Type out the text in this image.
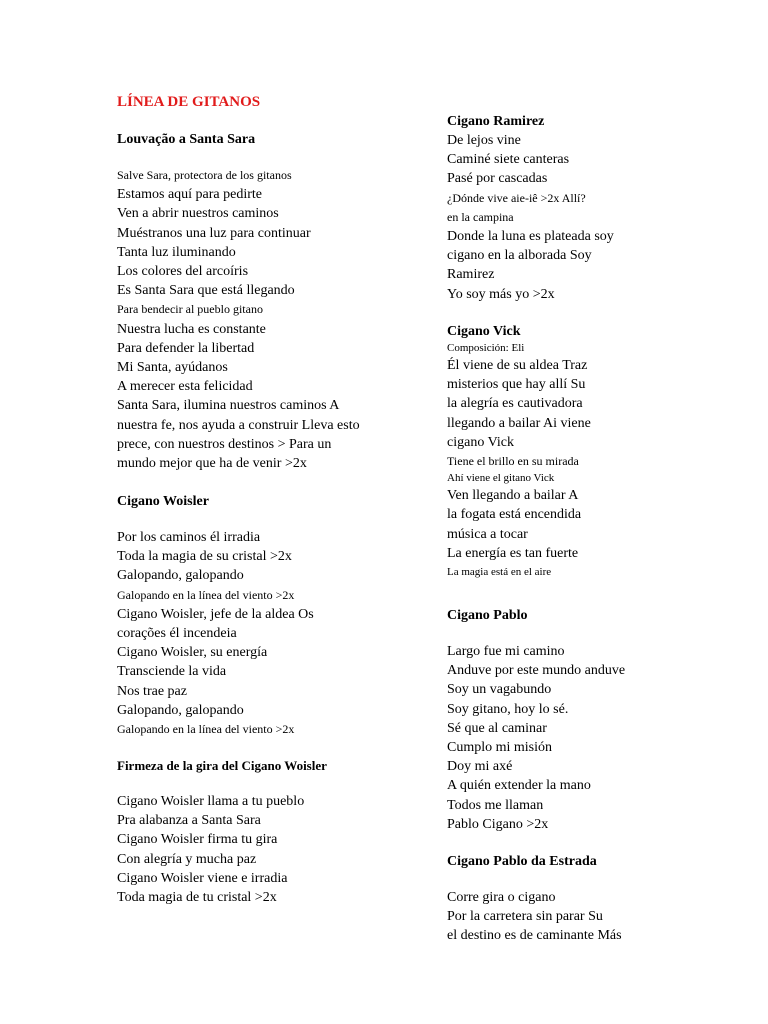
LÍNEA DE GITANOS
Louvação a Santa Sara
Salve Sara, protectora de los gitanos
Estamos aquí para pedirte
Ven a abrir nuestros caminos
Muéstranos una luz para continuar
Tanta luz iluminando
Los colores del arcoíris
Es Santa Sara que está llegando
Para bendecir al pueblo gitano
Nuestra lucha es constante
Para defender la libertad
Mi Santa, ayúdanos
A merecer esta felicidad
Santa Sara, ilumina nuestros caminos A
nuestra fe, nos ayuda a construir Lleva esto
prece, con nuestros destinos > Para un
mundo mejor que ha de venir >2x
Cigano Woisler
Por los caminos él irradia
Toda la magia de su cristal >2x
Galopando, galopando
Galopando en la línea del viento >2x
Cigano Woisler, jefe de la aldea Os
corações él incendeia
Cigano Woisler, su energía
Transciende la vida
Nos trae paz
Galopando, galopando
Galopando en la línea del viento >2x
Firmeza de la gira del Cigano Woisler
Cigano Woisler llama a tu pueblo
Pra alabanza a Santa Sara
Cigano Woisler firma tu gira
Con alegría y mucha paz
Cigano Woisler viene e irradia
Toda magia de tu cristal >2x
Cigano Ramirez
De lejos vine
Caminé siete canteras
Pasé por cascadas
¿Dónde vive aie-iê >2x Allí?
en la campina
Donde la luna es plateada soy
cigano en la alborada Soy
Ramirez
Yo soy más yo >2x
Cigano Vick
Composición: Eli
Él viene de su aldea Traz
misterios que hay allí Su
la alegría es cautivadora
llegando a bailar Ai viene
cigano Vick
Tiene el brillo en su mirada
Ahí viene el gitano Vick
Ven llegando a bailar A
la fogata está encendida
música a tocar
La energía es tan fuerte
La magia está en el aire
Cigano Pablo
Largo fue mi camino
Anduve por este mundo anduve
Soy un vagabundo
Soy gitano, hoy lo sé.
Sé que al caminar
Cumplo mi misión
Doy mi axé
A quién extender la mano
Todos me llaman
Pablo Cigano >2x
Cigano Pablo da Estrada
Corre gira o cigano
Por la carretera sin parar Su
el destino es de caminante Más
